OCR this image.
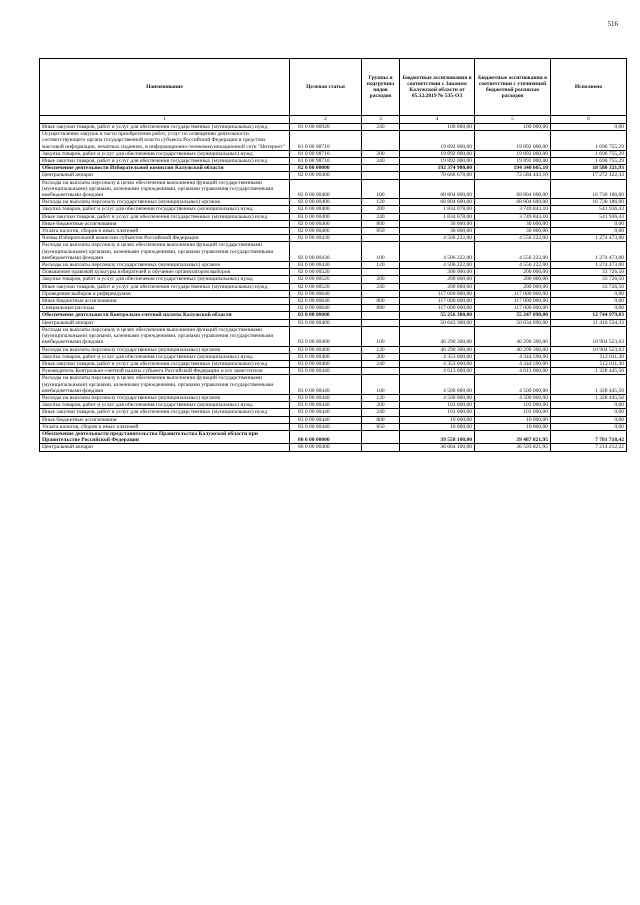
516
Наименование	Целевая статья	Группы и подгруппы видов расходов	Бюджетные ассигнования в соответствии с Законом Калужской области от 05.12.2019 № 535-ОЗ	Бюджетные ассигнования в соответствии с уточненной бюджетной росписью расходов	Исполнено
1	2	3	4	5	6
Иные закупки товаров, работ и услуг для обеспечения государственных (муниципальных) нужд	81 0 00 00920	240	100 000,00	100 000,00	0,00
Осуществление закупок в части приобретения работ, услуг по освещению деятельности соответствующего органа государственной власти субъекта Российской Федерации в средствах массовой информации, печатных изданиях, в информационно-телекоммуникационной сети "Интернет"	81 0 00 98710		19 892 000,00	19 892 000,00	1 696 755,29
Закупка товаров, работ и услуг для обеспечения государственных (муниципальных) нужд	81 0 00 98710	200	19 892 000,00	19 892 000,00	1 696 755,29
Иные закупки товаров, работ и услуг для обеспечения государственных (муниципальных) нужд	81 0 00 98710	240	19 892 000,00	19 892 000,00	1 696 755,29
Обеспечение деятельности Избирательной комиссии Калужской области	82 0 00 00000		192 374 900,00	194 340 665,10	18 580 321,93
Центральный аппарат	82 0 00 00400		70 668 678,00	72 584 443,10	17 272 122,43
Расходы на выплаты персоналу в целях обеспечения выполнения функций государственными (муниципальными) органами, казенными учреждениями, органами управления государственными внебюджетными фондами	82 0 00 00400	100	68 804 600,00	68 804 600,00	16 730 186,00
Расходы на выплаты персоналу государственных (муниципальных) органов	82 0 00 00400	120	68 804 600,00	68 804 600,00	16 730 186,00
Закупка товаров, работ и услуг для обеспечения государственных (муниципальных) нужд	82 0 00 00400	200	1 834 078,00	3 749 843,10	541 936,43
Иные закупки товаров, работ и услуг для обеспечения государственных (муниципальных) нужд	82 0 00 00400	240	1 834 078,00	3 749 843,10	541 936,43
Иные бюджетные ассигнования	82 0 00 00400	800	30 000,00	30 000,00	0,00
Уплата налогов, сборов и иных платежей	82 0 00 00400	850	30 000,00	30 000,00	0,00
Члены Избирательной комиссии субъектов Российской Федерации	82 0 00 00430		4 506 222,00	4 556 222,00	1 274 473,00
Расходы на выплаты персоналу в целях обеспечения выполнения функций государственными (муниципальными) органами, казенными учреждениями, органами управления государственными внебюджетными фондами	82 0 00 00430	100	4 506 222,00	4 556 222,00	1 274 473,00
Расходы на выплаты персоналу государственных (муниципальных) органов	82 0 00 00430	120	4 506 222,00	4 556 222,00	1 274 473,00
Повышение правовой культуры избирателей и обучение организаторов выборов	82 0 00 00520		200 000,00	200 000,00	33 726,50
Закупка товаров, работ и услуг для обеспечения государственных (муниципальных) нужд	82 0 00 00520	200	200 000,00	200 000,00	33 726,50
Иные закупки товаров, работ и услуг для обеспечения государственных (муниципальных) нужд	82 0 00 00520	240	200 000,00	200 000,00	33 726,50
Проведение выборов и референдумов	82 0 00 00640		117 000 000,00	117 000 000,00	0,00
Иные бюджетные ассигнования	82 0 00 00640	800	117 000 000,00	117 000 000,00	0,00
Специальные расходы	82 0 00 00640	880	117 000 000,00	117 000 000,00	0,00
Обеспечение деятельности Контрольно-счетной палаты Калужской области	83 0 00 00000		55 256 300,00	55 247 890,00	12 744 979,83
Центральный аппарат	83 0 00 00400		50 643 300,00	50 634 890,00	11 416 534,33
Расходы на выплаты персоналу в целях обеспечения выполнения функций государственными (муниципальными) органами, казенными учреждениями, органами управления государственными внебюджетными фондами	83 0 00 00400	100	46 290 300,00	46 290 300,00	10 904 523,03
Расходы на выплаты персоналу государственных (муниципальных) органов	83 0 00 00400	120	46 290 300,00	46 290 300,00	10 904 523,03
Закупка товаров, работ и услуг для обеспечения государственных (муниципальных) нужд	83 0 00 00400	200	4 353 000,00	4 344 590,00	512 011,30
Иные закупки товаров, работ и услуг для обеспечения государственных (муниципальных) нужд	83 0 00 00400	240	4 353 000,00	4 344 590,00	512 011,30
Руководитель Контрольно-счетной палаты субъекта Российской Федерации и его заместители	83 0 00 00440		4 613 000,00	4 613 000,00	1 328 445,50
Расходы на выплаты персоналу в целях обеспечения выполнения функций государственными (муниципальными) органами, казенными учреждениями, органами управления государственными внебюджетными фондами	83 0 00 00440	100	4 500 000,00	4 500 000,00	1 328 445,50
Расходы на выплаты персоналу государственных (муниципальных) органов	83 0 00 00440	120	4 500 000,00	4 500 000,00	1 328 445,50
Закупка товаров, работ и услуг для обеспечения государственных (муниципальных) нужд	83 0 00 00440	200	103 000,00	103 000,00	0,00
Иные закупки товаров, работ и услуг для обеспечения государственных (муниципальных) нужд	83 0 00 00440	240	103 000,00	103 000,00	0,00
Иные бюджетные ассигнования	83 0 00 00440	800	10 000,00	10 000,00	0,00
Уплата налогов, сборов и иных платежей	83 0 00 00440	850	10 000,00	10 000,00	0,00
Обеспечение деятельности представительства Правительства Калужской области при Правительстве Российской Федерации	86 0 00 00000		39 558 100,00	39 487 821,95	7 781 718,42
Центральный аппарат	86 0 00 00400		36 664 100,00	36 593 821,95	7 214 212,22
